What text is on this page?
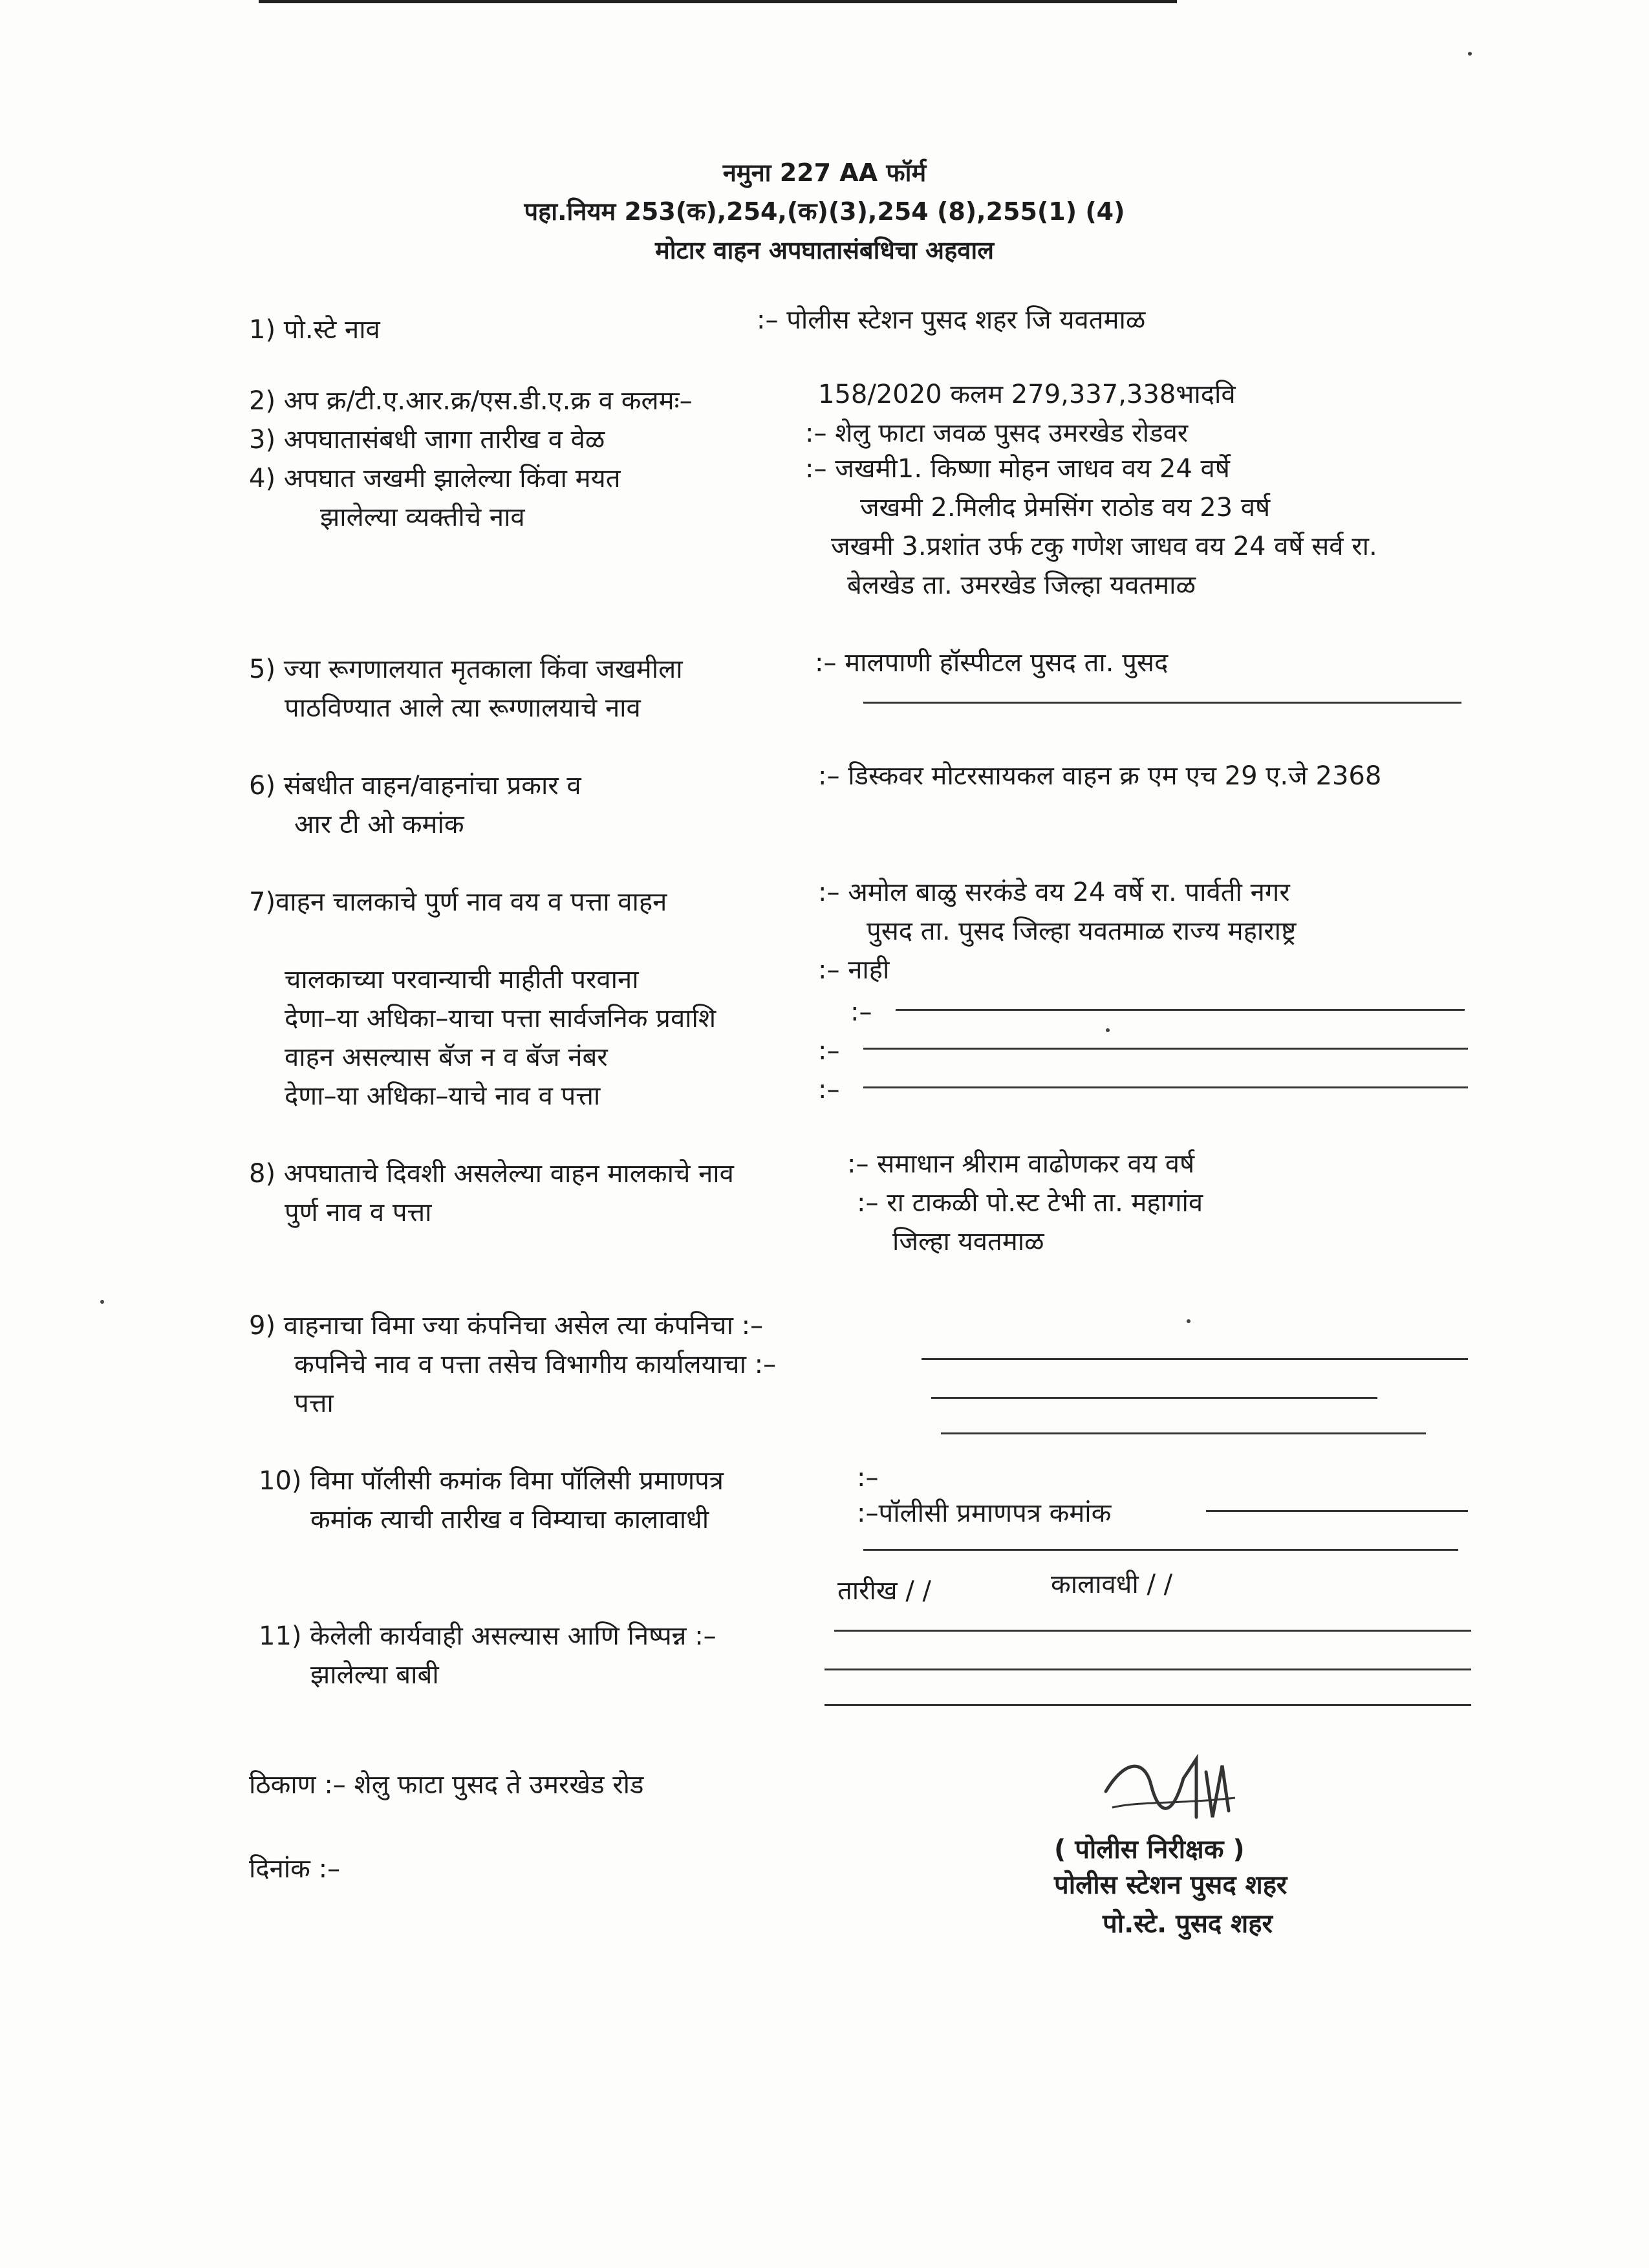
नमुना 227 AA फॉर्म
पहा.नियम 253(क),254,(क)(3),254 (8),255(1) (4)
मोटार वाहन अपघातासंबधिचा अहवाल
1) पो.स्टे नाव	:– पोलीस स्टेशन पुसद शहर जि यवतमाळ
2) अप क्र/टी.ए.आर.क्र/एस.डी.ए.क्र व कलमः–	158/2020 कलम 279,337,338भादवि
3) अपघातासंबधी जागा तारीख व वेळ	:– शेलु फाटा जवळ पुसद उमरखेड रोडवर
4) अपघात जखमी झालेल्या किंवा मयत
झालेल्या व्यक्तीचे नाव
:– जखमी1. किष्णा मोहन जाधव वय 24 वर्षे
जखमी 2.मिलीद प्रेमसिंग राठोड वय 23 वर्ष
जखमी 3.प्रशांत उर्फ टकु गणेश जाधव वय 24 वर्षे सर्व रा.
बेलखेड ता. उमरखेड जिल्हा यवतमाळ
5) ज्या रूगणालयात मृतकाला किंवा जखमीला
पाठविण्यात आले त्या रूग्णालयाचे नाव
:– मालपाणी हॉस्पीटल पुसद ता. पुसद
6) संबधीत वाहन/वाहनांचा प्रकार व
आर टी ओ कमांक
:– डिस्कवर मोटरसायकल वाहन क्र एम एच 29 ए.जे 2368
7)वाहन चालकाचे पुर्ण नाव वय व पत्ता वाहन	:– अमोल बाळु सरकंडे वय 24 वर्षे रा. पार्वती नगर
पुसद ता. पुसद जिल्हा यवतमाळ राज्य महाराष्ट्र
चालकाच्या परवान्याची माहीती परवाना	:– नाही
देणा–या अधिका–याचा पत्ता सार्वजनिक प्रवाशि	:–
वाहन असल्यास बॅज न व बॅज नंबर	:–
देणा–या अधिका–याचे नाव व पत्ता	:–
8) अपघाताचे दिवशी असलेल्या वाहन मालकाचे नाव
पुर्ण नाव व पत्ता
:– समाधान श्रीराम वाढोणकर वय वर्ष
:– रा टाकळी पो.स्ट टेभी ता. महागांव
जिल्हा यवतमाळ
9) वाहनाचा विमा ज्या कंपनिचा असेल त्या कंपनिचा :–
कपनिचे नाव व पत्ता तसेच विभागीय कार्यालयाचा :–
पत्ता
10) विमा पॉलीसी कमांक विमा पॉलिसी प्रमाणपत्र
कमांक त्याची तारीख व विम्याचा कालावाधी
:–
:–पॉलीसी प्रमाणपत्र कमांक
तारीख / /	कालावधी / /
11) केलेली कार्यवाही असल्यास आणि निष्पन्न :–
झालेल्या बाबी
ठिकाण :– शेलु फाटा पुसद ते उमरखेड रोड
दिनांक :–
( पोलीस निरीक्षक )
पोलीस स्टेशन पुसद शहर
पो.स्टे. पुसद शहर
